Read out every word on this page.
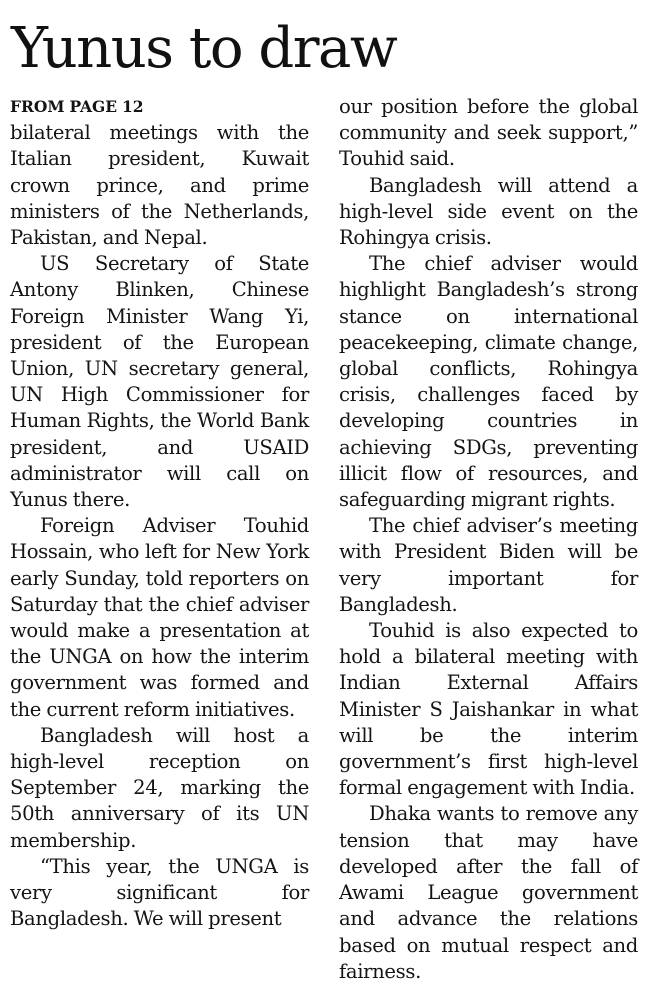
Yunus to draw
FROM PAGE 12

bilateral meetings with the Italian president, Kuwait crown prince, and prime ministers of the Netherlands, Pakistan, and Nepal.

US Secretary of State Antony Blinken, Chinese Foreign Minister Wang Yi, president of the European Union, UN secretary general, UN High Commissioner for Human Rights, the World Bank president, and USAID administrator will call on Yunus there.

Foreign Adviser Touhid Hossain, who left for New York early Sunday, told reporters on Saturday that the chief adviser would make a presentation at the UNGA on how the interim government was formed and the current reform initiatives.

Bangladesh will host a high-level reception on September 24, marking the 50th anniversary of its UN membership.

“This year, the UNGA is very significant for Bangladesh. We will present

our position before the global community and seek support,” Touhid said.

Bangladesh will attend a high-level side event on the Rohingya crisis.

The chief adviser would highlight Bangladesh’s strong stance on international peacekeeping, climate change, global conflicts, Rohingya crisis, challenges faced by developing countries in achieving SDGs, preventing illicit flow of resources, and safeguarding migrant rights.

The chief adviser’s meeting with President Biden will be very important for Bangladesh.

Touhid is also expected to hold a bilateral meeting with Indian External Affairs Minister S Jaishankar in what will be the interim government’s first high-level formal engagement with India.

Dhaka wants to remove any tension that may have developed after the fall of Awami League government and advance the relations based on mutual respect and fairness.
